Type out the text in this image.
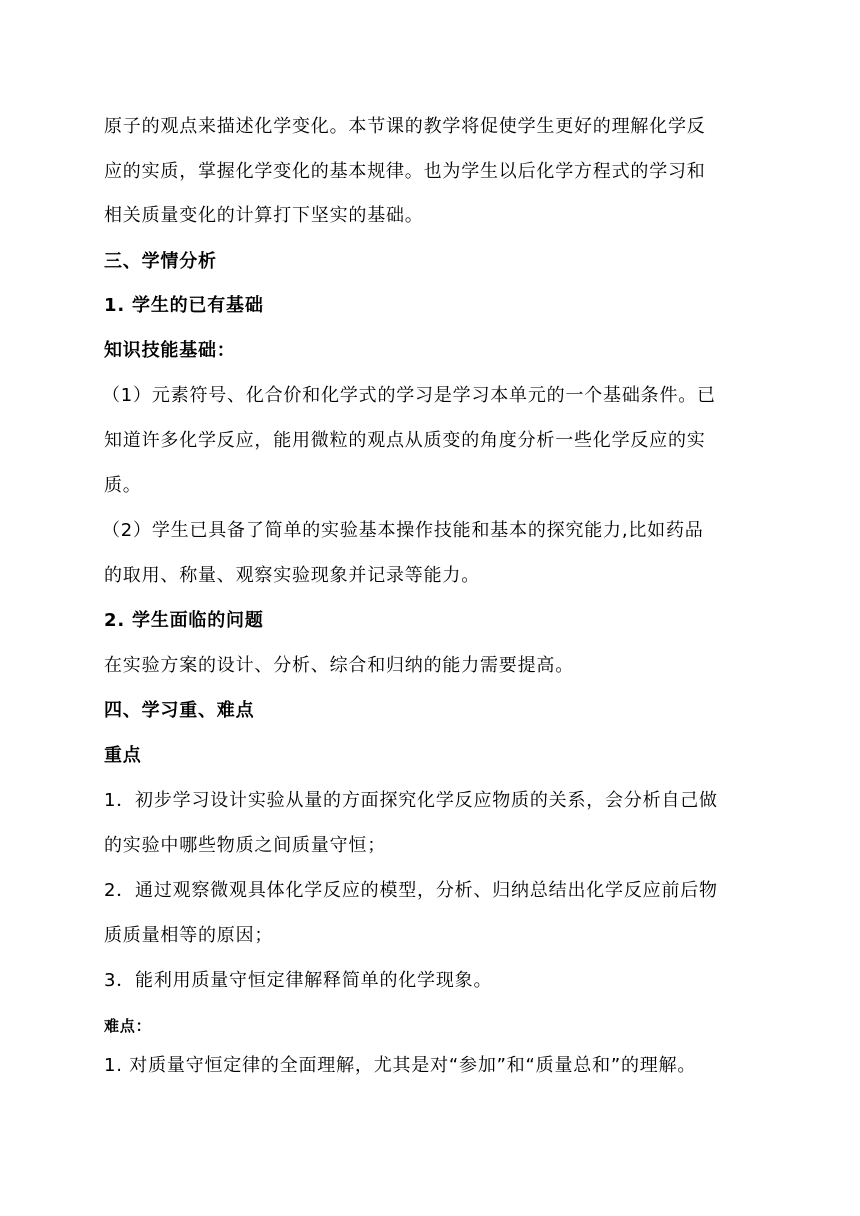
原子的观点来描述化学变化。本节课的教学将促使学生更好的理解化学反
应的实质，掌握化学变化的基本规律。也为学生以后化学方程式的学习和
相关质量变化的计算打下坚实的基础。
三、学情分析
1. 学生的已有基础
知识技能基础：
（1）元素符号、化合价和化学式的学习是学习本单元的一个基础条件。已
知道许多化学反应，能用微粒的观点从质变的角度分析一些化学反应的实
质。
（2）学生已具备了简单的实验基本操作技能和基本的探究能力,比如药品
的取用、称量、观察实验现象并记录等能力。
2. 学生面临的问题
在实验方案的设计、分析、综合和归纳的能力需要提高。
四、学习重、难点
重点
1．初步学习设计实验从量的方面探究化学反应物质的关系，会分析自己做
的实验中哪些物质之间质量守恒；
2．通过观察微观具体化学反应的模型，分析、归纳总结出化学反应前后物
质质量相等的原因；
3．能利用质量守恒定律解释简单的化学现象。
难点：
1. 对质量守恒定律的全面理解，尤其是对“参加”和“质量总和”的理解。
